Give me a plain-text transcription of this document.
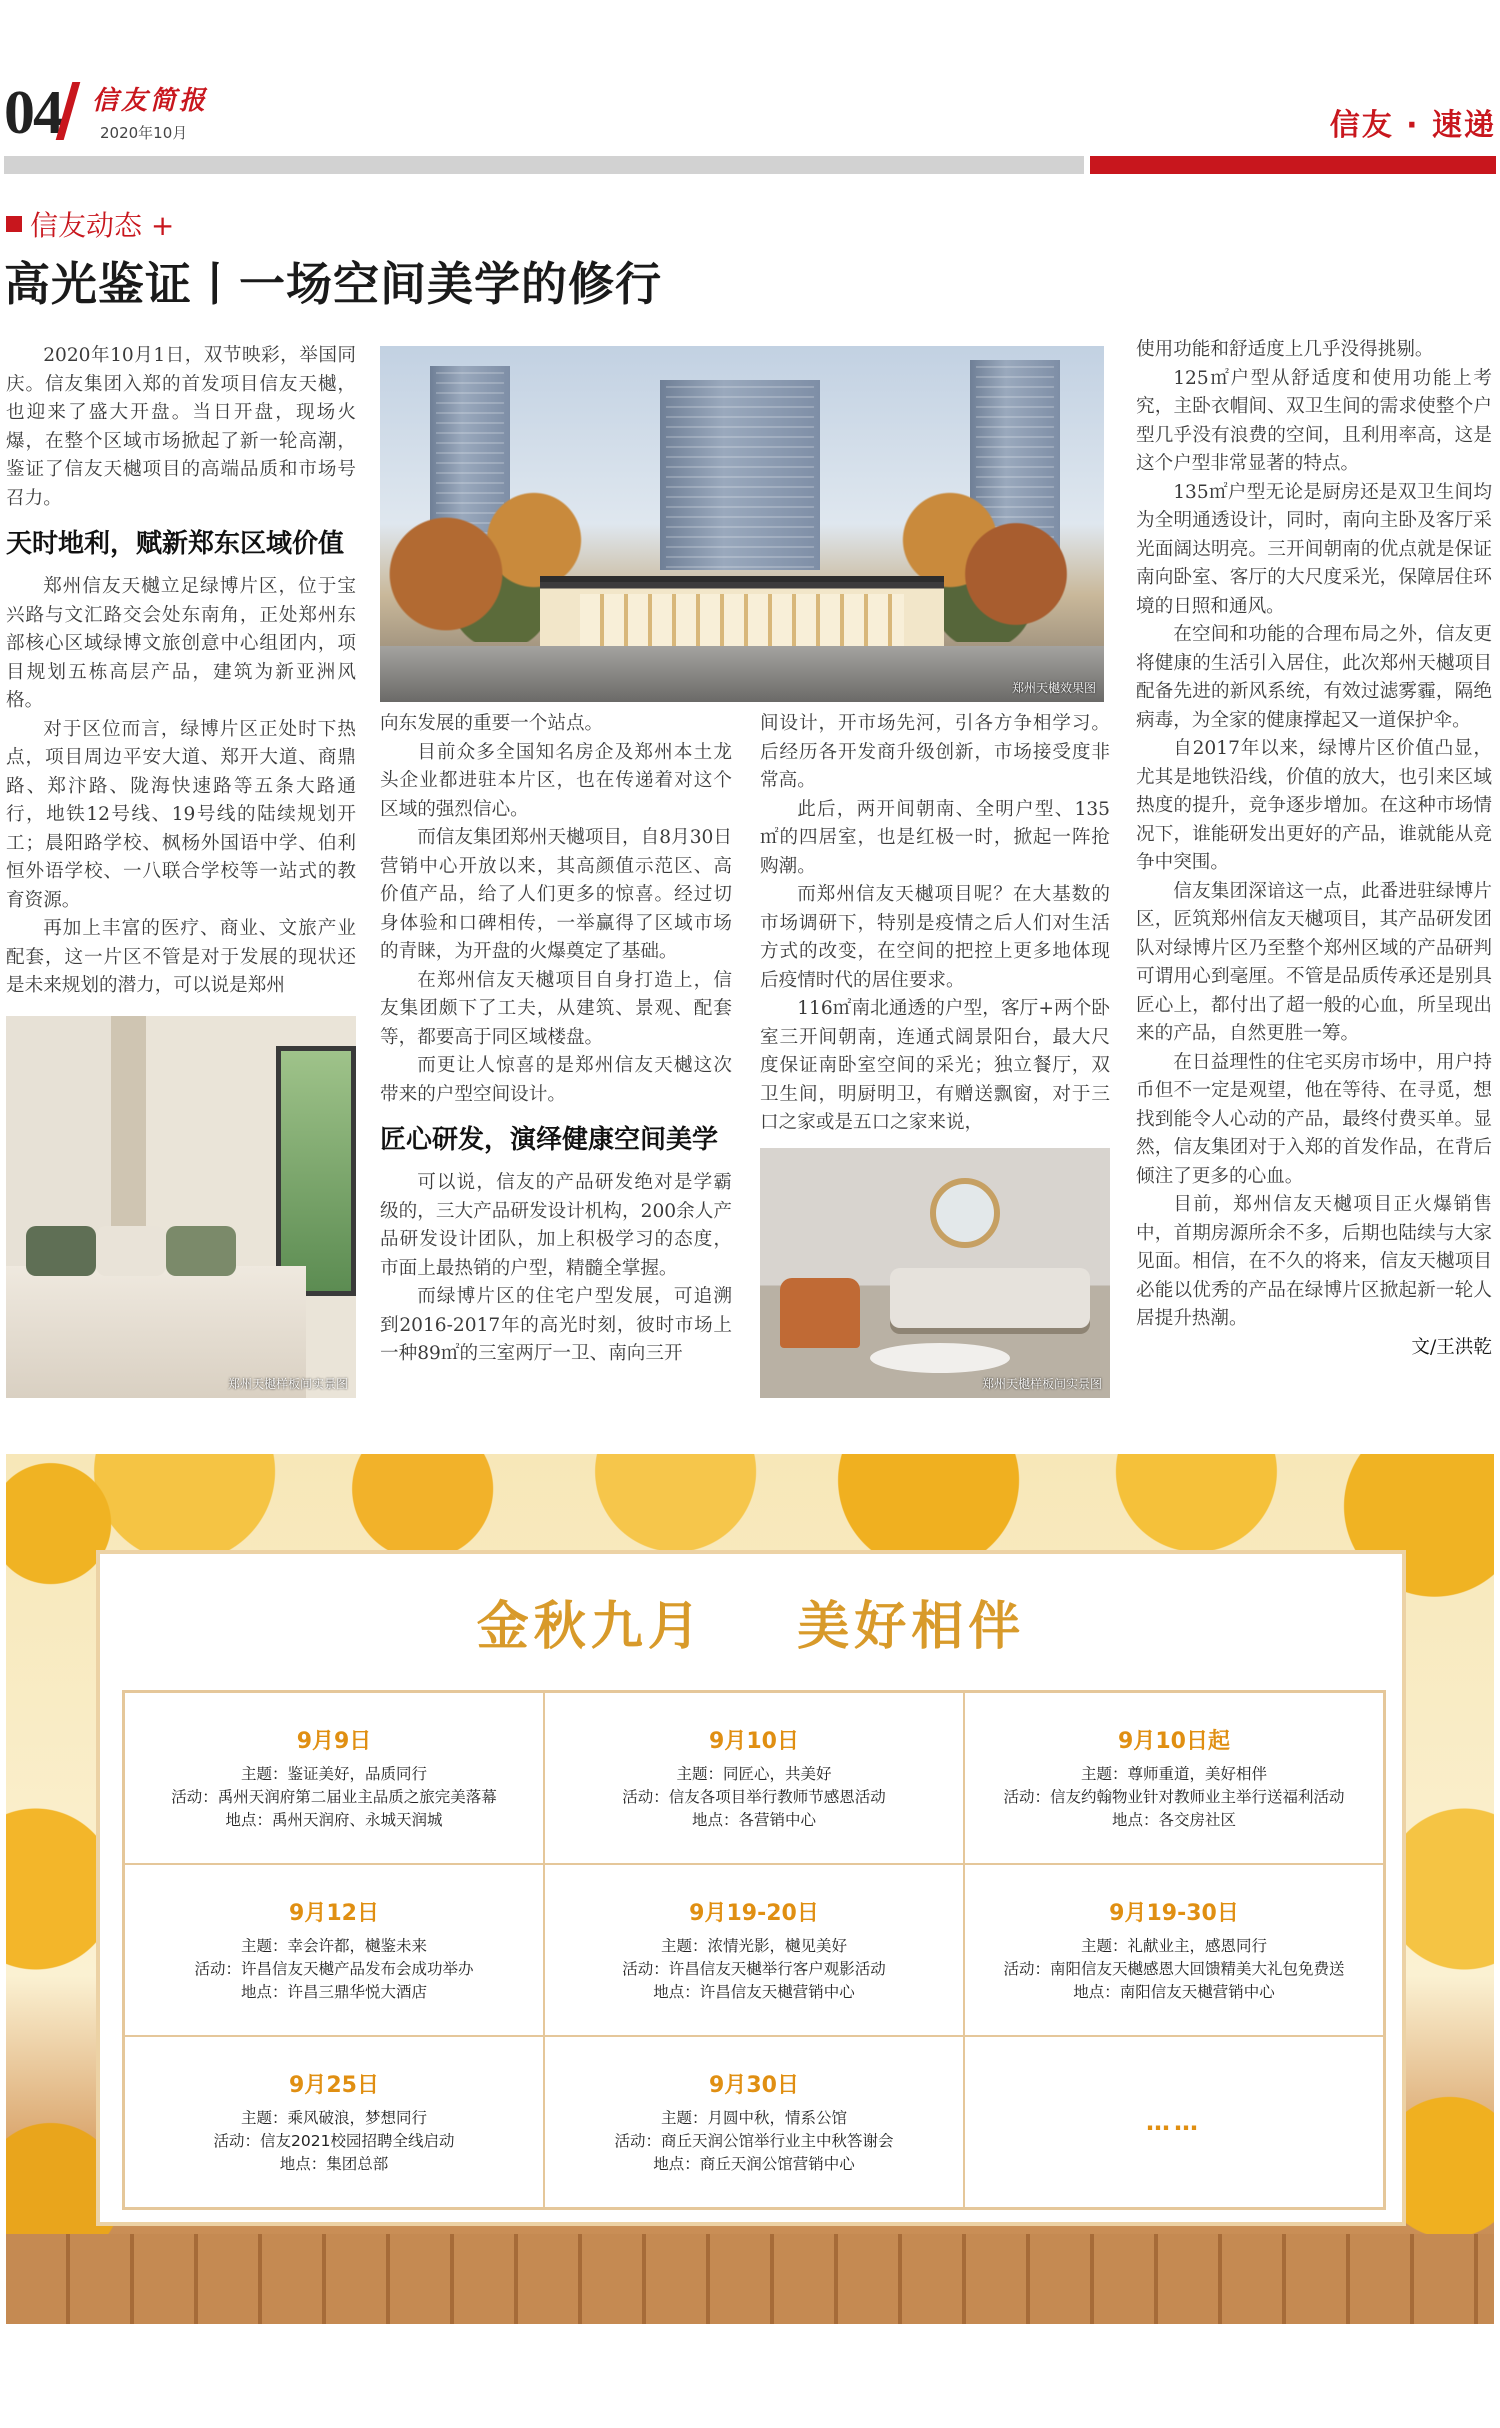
04 信友简报
2020年10月	信友 · 速递
信友动态 +
高光鉴证丨一场空间美学的修行

2020年10月1日，双节映彩，举国同庆。信友集团入郑的首发项目信友天樾，也迎来了盛大开盘。当日开盘，现场火爆，在整个区域市场掀起了新一轮高潮，鉴证了信友天樾项目的高端品质和市场号召力。

天时地利，赋新郑东区域价值

郑州信友天樾立足绿博片区，位于宝兴路与文汇路交会处东南角，正处郑州东部核心区域绿博文旅创意中心组团内，项目规划五栋高层产品，建筑为新亚洲风格。

对于区位而言，绿博片区正处时下热点，项目周边平安大道、郑开大道、商鼎路、郑汴路、陇海快速路等五条大路通行，地铁12号线、19号线的陆续规划开工；晨阳路学校、枫杨外国语中学、伯利恒外语学校、一八联合学校等一站式的教育资源。

再加上丰富的医疗、商业、文旅产业配套，这一片区不管是对于发展的现状还是未来规划的潜力，可以说是郑州

郑州天樾样板间实景图
郑州天樾效果图

向东发展的重要一个站点。

目前众多全国知名房企及郑州本土龙头企业都进驻本片区，也在传递着对这个区域的强烈信心。

而信友集团郑州天樾项目，自8月30日营销中心开放以来，其高颜值示范区、高价值产品，给了人们更多的惊喜。经过切身体验和口碑相传，一举赢得了区域市场的青睐，为开盘的火爆奠定了基础。

在郑州信友天樾项目自身打造上，信友集团颇下了工夫，从建筑、景观、配套等，都要高于同区域楼盘。

而更让人惊喜的是郑州信友天樾这次带来的户型空间设计。

匠心研发，演绎健康空间美学

可以说，信友的产品研发绝对是学霸级的，三大产品研发设计机构，200余人产品研发设计团队，加上积极学习的态度，市面上最热销的户型，精髓全掌握。

而绿博片区的住宅户型发展，可追溯到2016-2017年的高光时刻，彼时市场上一种89㎡的三室两厅一卫、南向三开

间设计，开市场先河，引各方争相学习。后经历各开发商升级创新，市场接受度非常高。

此后，两开间朝南、全明户型、135㎡的四居室，也是红极一时，掀起一阵抢购潮。

而郑州信友天樾项目呢？在大基数的市场调研下，特别是疫情之后人们对生活方式的改变，在空间的把控上更多地体现后疫情时代的居住要求。

116㎡南北通透的户型，客厅+两个卧室三开间朝南，连通式阔景阳台，最大尺度保证南卧室空间的采光；独立餐厅，双卫生间，明厨明卫，有赠送飘窗，对于三口之家或是五口之家来说，

郑州天樾样板间实景图

使用功能和舒适度上几乎没得挑剔。

125㎡户型从舒适度和使用功能上考究，主卧衣帽间、双卫生间的需求使整个户型几乎没有浪费的空间，且利用率高，这是这个户型非常显著的特点。

135㎡户型无论是厨房还是双卫生间均为全明通透设计，同时，南向主卧及客厅采光面阔达明亮。三开间朝南的优点就是保证南向卧室、客厅的大尺度采光，保障居住环境的日照和通风。

在空间和功能的合理布局之外，信友更将健康的生活引入居住，此次郑州天樾项目配备先进的新风系统，有效过滤雾霾，隔绝病毒，为全家的健康撑起又一道保护伞。

自2017年以来，绿博片区价值凸显，尤其是地铁沿线，价值的放大，也引来区域热度的提升，竞争逐步增加。在这种市场情况下，谁能研发出更好的产品，谁就能从竞争中突围。

信友集团深谙这一点，此番进驻绿博片区，匠筑郑州信友天樾项目，其产品研发团队对绿博片区乃至整个郑州区域的产品研判可谓用心到毫厘。不管是品质传承还是别具匠心上，都付出了超一般的心血，所呈现出来的产品，自然更胜一筹。

在日益理性的住宅买房市场中，用户持币但不一定是观望，他在等待、在寻觅，想找到能令人心动的产品，最终付费买单。显然，信友集团对于入郑的首发作品，在背后倾注了更多的心血。

目前，郑州信友天樾项目正火爆销售中，首期房源所余不多，后期也陆续与大家见面。相信，在不久的将来，信友天樾项目必能以优秀的产品在绿博片区掀起新一轮人居提升热潮。

文/王洪乾

金秋九月    美好相伴
9月9日
主题：鉴证美好，品质同行
活动：禹州天润府第二届业主品质之旅完美落幕
地点：禹州天润府、永城天润城
9月10日
主题：同匠心，共美好
活动：信友各项目举行教师节感恩活动
地点：各营销中心
9月10日起
主题：尊师重道，美好相伴
活动：信友约翰物业针对教师业主举行送福利活动
地点：各交房社区
9月12日
主题：幸会许都，樾鉴未来
活动：许昌信友天樾产品发布会成功举办
地点：许昌三鼎华悦大酒店
9月19-20日
主题：浓情光影，樾见美好
活动：许昌信友天樾举行客户观影活动
地点：许昌信友天樾营销中心
9月19-30日
主题：礼献业主，感恩同行
活动：南阳信友天樾感恩大回馈精美大礼包免费送
地点：南阳信友天樾营销中心
9月25日
主题：乘风破浪，梦想同行
活动：信友2021校园招聘全线启动
地点：集团总部
9月30日
主题：月圆中秋，情系公馆
活动：商丘天润公馆举行业主中秋答谢会
地点：商丘天润公馆营销中心
……
